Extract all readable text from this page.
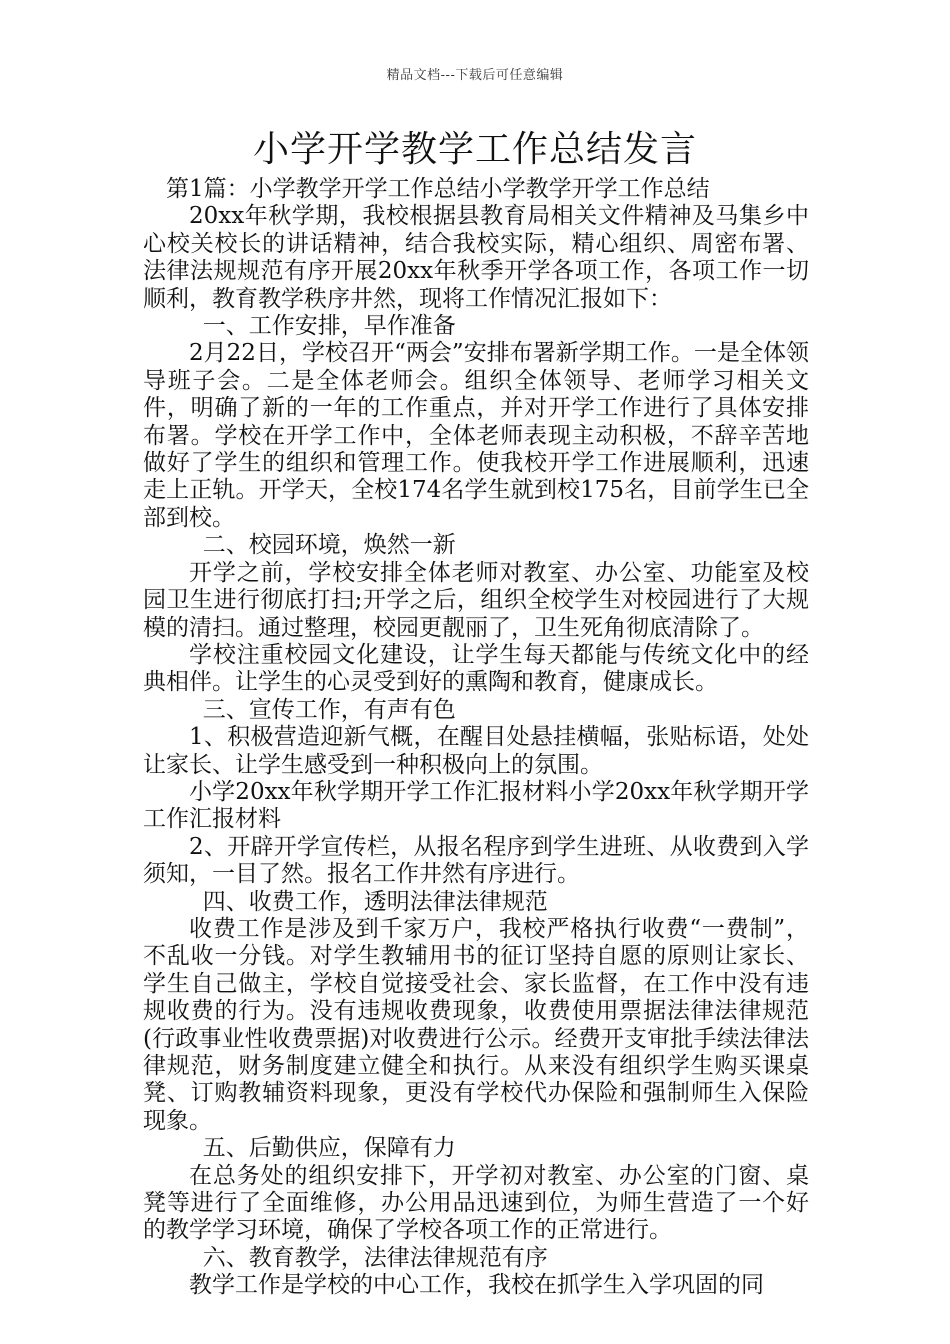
精品文档---下载后可任意编辑
小学开学教学工作总结发言

第1篇：小学教学开学工作总结小学教学开学工作总结

20xx年秋学期，我校根据县教育局相关文件精神及马集乡中心校关校长的讲话精神，结合我校实际，精心组织、周密布署、法律法规规范有序开展20xx年秋季开学各项工作，各项工作一切顺利，教育教学秩序井然，现将工作情况汇报如下：

一、工作安排，早作准备

2月22日，学校召开“两会”安排布署新学期工作。一是全体领导班子会。二是全体老师会。组织全体领导、老师学习相关文件，明确了新的一年的工作重点，并对开学工作进行了具体安排布署。学校在开学工作中，全体老师表现主动积极，不辞辛苦地做好了学生的组织和管理工作。使我校开学工作进展顺利，迅速走上正轨。开学天，全校174名学生就到校175名，目前学生已全部到校。

二、校园环境，焕然一新

开学之前，学校安排全体老师对教室、办公室、功能室及校园卫生进行彻底打扫;开学之后，组织全校学生对校园进行了大规模的清扫。通过整理，校园更靓丽了，卫生死角彻底清除了。

学校注重校园文化建设，让学生每天都能与传统文化中的经典相伴。让学生的心灵受到好的熏陶和教育，健康成长。

三、宣传工作，有声有色

1、积极营造迎新气概，在醒目处悬挂横幅，张贴标语，处处让家长、让学生感受到一种积极向上的氛围。

小学20xx年秋学期开学工作汇报材料小学20xx年秋学期开学工作汇报材料

2、开辟开学宣传栏，从报名程序到学生进班、从收费到入学须知，一目了然。报名工作井然有序进行。

四、收费工作，透明法律法律规范

收费工作是涉及到千家万户，我校严格执行收费“一费制”，不乱收一分钱。对学生教辅用书的征订坚持自愿的原则让家长、学生自己做主，学校自觉接受社会、家长监督，在工作中没有违规收费的行为。没有违规收费现象，收费使用票据法律法律规范(行政事业性收费票据)对收费进行公示。经费开支审批手续法律法律规范，财务制度建立健全和执行。从来没有组织学生购买课桌凳、订购教辅资料现象，更没有学校代办保险和强制师生入保险现象。

五、后勤供应，保障有力

在总务处的组织安排下，开学初对教室、办公室的门窗、桌凳等进行了全面维修，办公用品迅速到位，为师生营造了一个好的教学学习环境，确保了学校各项工作的正常进行。

六、教育教学，法律法律规范有序

教学工作是学校的中心工作，我校在抓学生入学巩固的同
